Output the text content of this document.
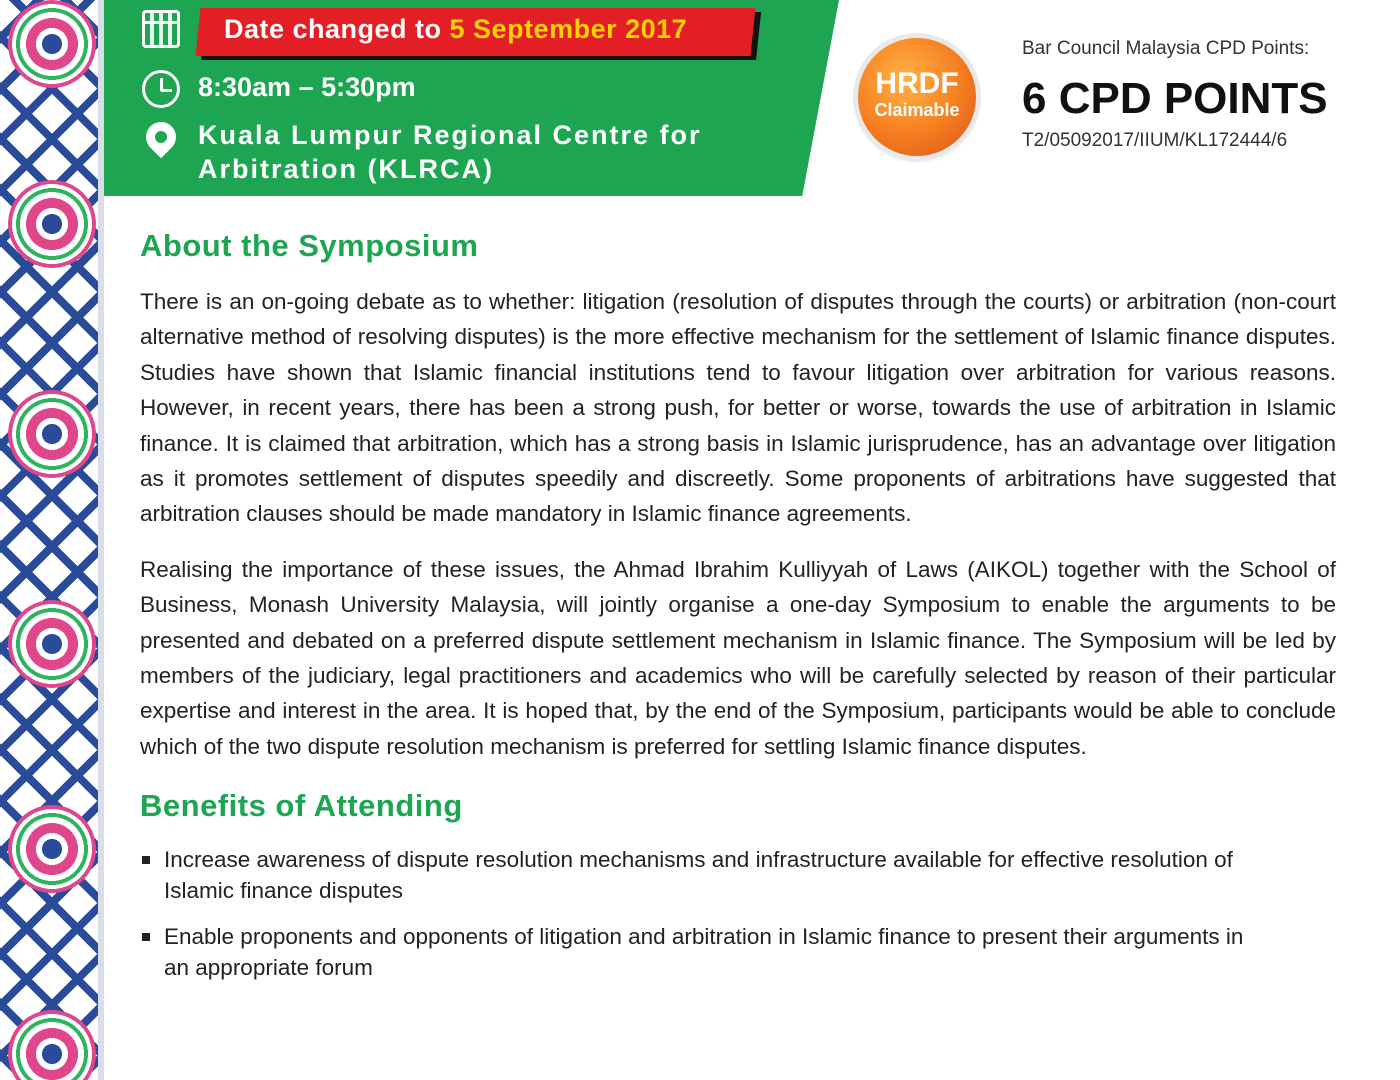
Date changed to 5 September 2017
8:30am – 5:30pm
Kuala Lumpur Regional Centre for Arbitration (KLRCA)
HRDF
Claimable
Bar Council Malaysia CPD Points:
6 CPD POINTS
T2/05092017/IIUM/KL172444/6
About the Symposium

There is an on-going debate as to whether: litigation (resolution of disputes through the courts) or arbitration (non-court alternative method of resolving disputes) is the more effective mechanism for the settlement of Islamic finance disputes. Studies have shown that Islamic financial institutions tend to favour litigation over arbitration for various reasons. However, in recent years, there has been a strong push, for better or worse, towards the use of arbitration in Islamic finance. It is claimed that arbitration, which has a strong basis in Islamic jurisprudence, has an advantage over litigation as it promotes settlement of disputes speedily and discreetly. Some proponents of arbitrations have suggested that arbitration clauses should be made mandatory in Islamic finance agreements.

Realising the importance of these issues, the Ahmad Ibrahim Kulliyyah of Laws (AIKOL) together with the School of Business, Monash University Malaysia, will jointly organise a one-day Symposium to enable the arguments to be presented and debated on a preferred dispute settlement mechanism in Islamic finance. The Symposium will be led by members of the judiciary, legal practitioners and academics who will be carefully selected by reason of their particular expertise and interest in the area. It is hoped that, by the end of the Symposium, participants would be able to conclude which of the two dispute resolution mechanism is preferred for settling Islamic finance disputes.

Benefits of Attending
Increase awareness of dispute resolution mechanisms and infrastructure available for effective resolution of Islamic finance disputes
Enable proponents and opponents of litigation and arbitration in Islamic finance to present their arguments in an appropriate forum
